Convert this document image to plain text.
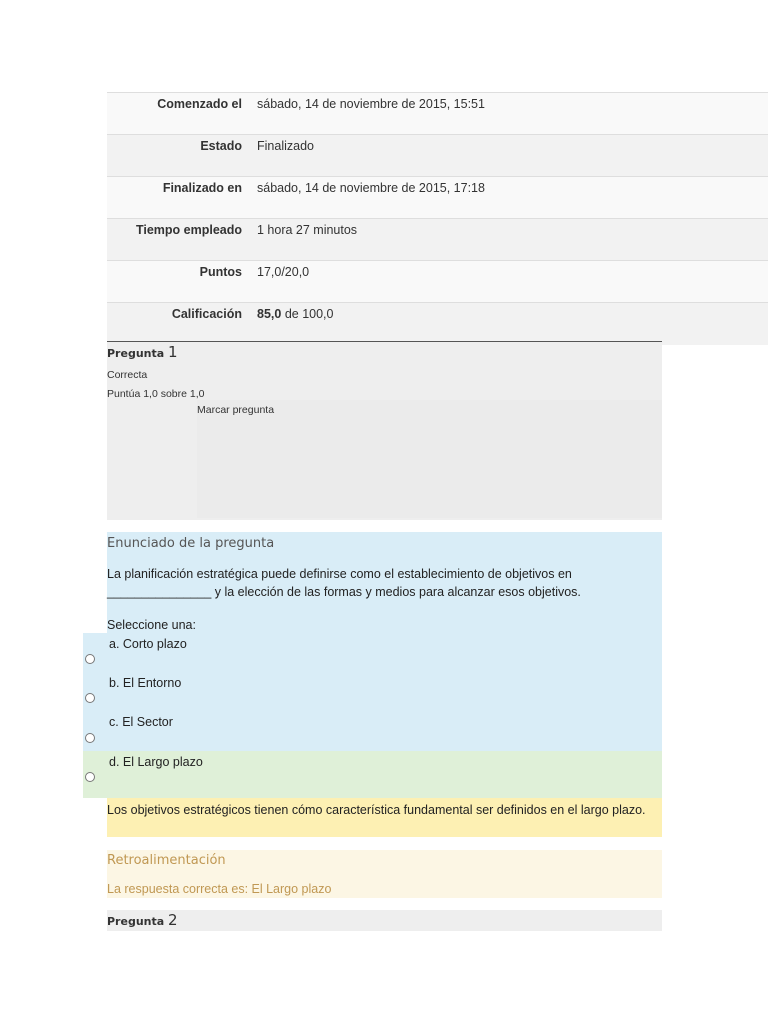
Comenzado el	sábado, 14 de noviembre de 2015, 15:51
Estado	Finalizado
Finalizado en	sábado, 14 de noviembre de 2015, 17:18
Tiempo empleado	1 hora 27 minutos
Puntos	17,0/20,0
Calificación	85,0 de 100,0
Pregunta 1
Correcta
Puntúa 1,0 sobre 1,0
Marcar pregunta
Enunciado de la pregunta
La planificación estratégica puede definirse como el establecimiento de objetivos en _______________ y la elección de las formas y medios para alcanzar esos objetivos.
Seleccione una:
a. Corto plazo
b. El Entorno
c. El Sector
d. El Largo plazo
Los objetivos estratégicos tienen cómo característica fundamental ser definidos en el largo plazo.
Retroalimentación
La respuesta correcta es: El Largo plazo
Pregunta 2
